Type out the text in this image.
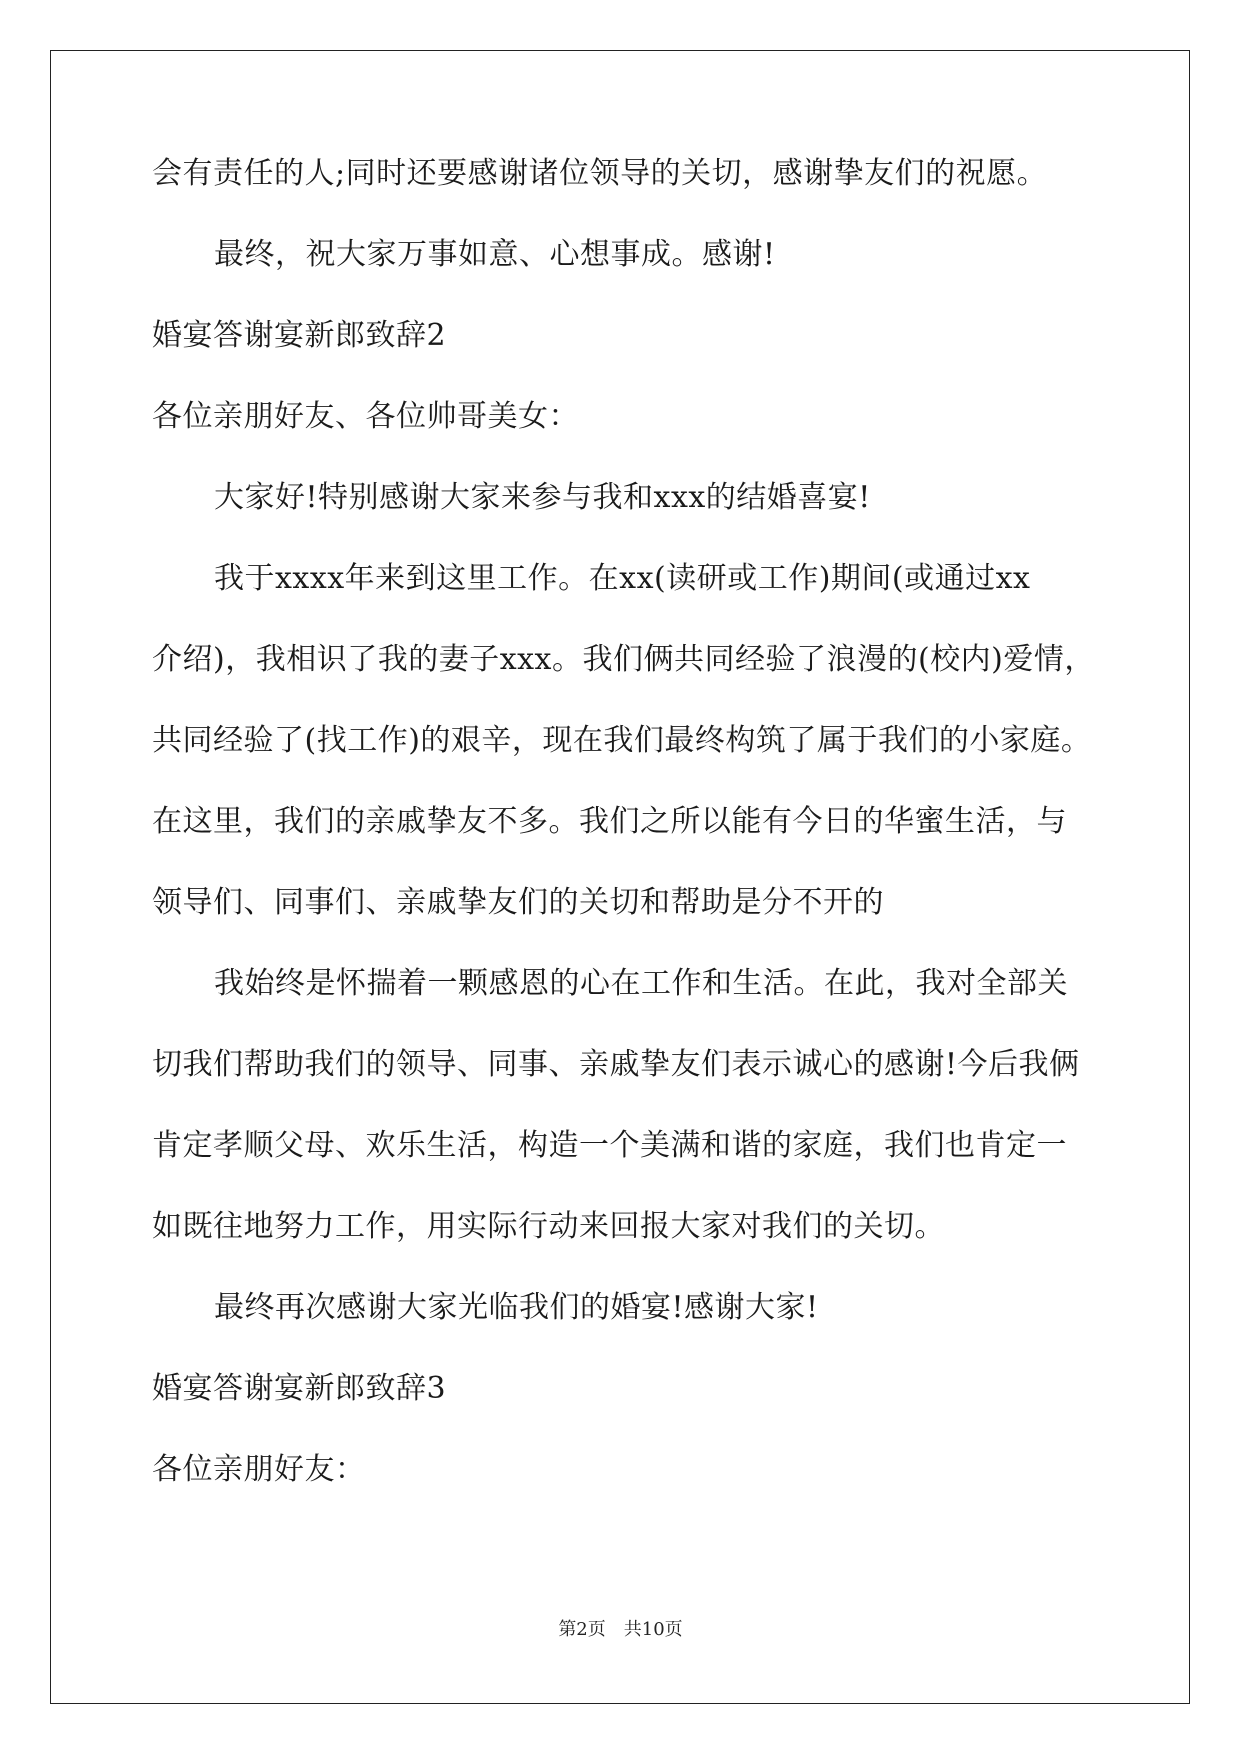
会有责任的人;同时还要感谢诸位领导的关切，感谢挚友们的祝愿。
最终，祝大家万事如意、心想事成。感谢!
婚宴答谢宴新郎致辞2
各位亲朋好友、各位帅哥美女：
大家好!特别感谢大家来参与我和xxx的结婚喜宴!
我于xxxx年来到这里工作。在xx(读研或工作)期间(或通过xx
介绍)，我相识了我的妻子xxx。我们俩共同经验了浪漫的(校内)爱情，
共同经验了(找工作)的艰辛，现在我们最终构筑了属于我们的小家庭。
在这里，我们的亲戚挚友不多。我们之所以能有今日的华蜜生活，与
领导们、同事们、亲戚挚友们的关切和帮助是分不开的
我始终是怀揣着一颗感恩的心在工作和生活。在此，我对全部关
切我们帮助我们的领导、同事、亲戚挚友们表示诚心的感谢!今后我俩
肯定孝顺父母、欢乐生活，构造一个美满和谐的家庭，我们也肯定一
如既往地努力工作，用实际行动来回报大家对我们的关切。
最终再次感谢大家光临我们的婚宴!感谢大家!
婚宴答谢宴新郎致辞3
各位亲朋好友：
第2页 共10页
